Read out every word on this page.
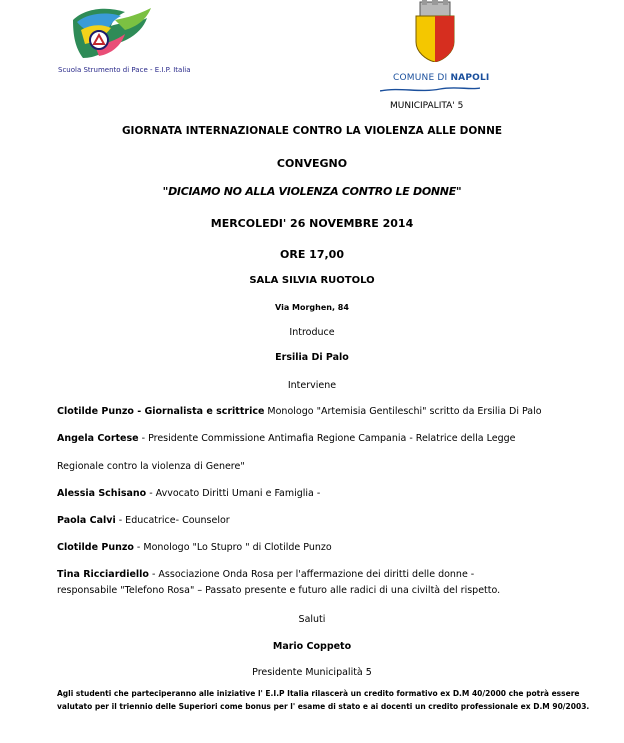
Scuola Strumento di Pace - E.I.P. Italia
COMUNE DI NAPOLI
MUNICIPALITA' 5
GIORNATA INTERNAZIONALE CONTRO LA VIOLENZA ALLE DONNE
CONVEGNO
"DICIAMO NO ALLA VIOLENZA CONTRO LE DONNE"
MERCOLEDI' 26 NOVEMBRE 2014
ORE 17,00
SALA SILVIA RUOTOLO
Via Morghen, 84
Introduce
Ersilia Di Palo
Interviene
Clotilde Punzo - Giornalista e scrittrice Monologo "Artemisia Gentileschi" scritto da Ersilia Di Palo
Angela Cortese - Presidente Commissione Antimafia Regione Campania - Relatrice della Legge
Regionale contro la violenza di Genere"
Alessia Schisano - Avvocato Diritti Umani e Famiglia -
Paola Calvi - Educatrice- Counselor
Clotilde Punzo - Monologo "Lo Stupro " di Clotilde Punzo
Tina Ricciardiello - Associazione Onda Rosa per l'affermazione dei diritti delle donne -
responsabile "Telefono Rosa" – Passato presente e futuro alle radici di una civiltà del rispetto.
Saluti
Mario Coppeto
Presidente Municipalità 5
Agli studenti che parteciperanno alle iniziative l' E.I.P Italia rilascerà un credito formativo ex D.M 40/2000 che potrà essere valutato per il triennio delle Superiori come bonus per l' esame di stato e ai docenti un credito professionale ex D.M 90/2003.
